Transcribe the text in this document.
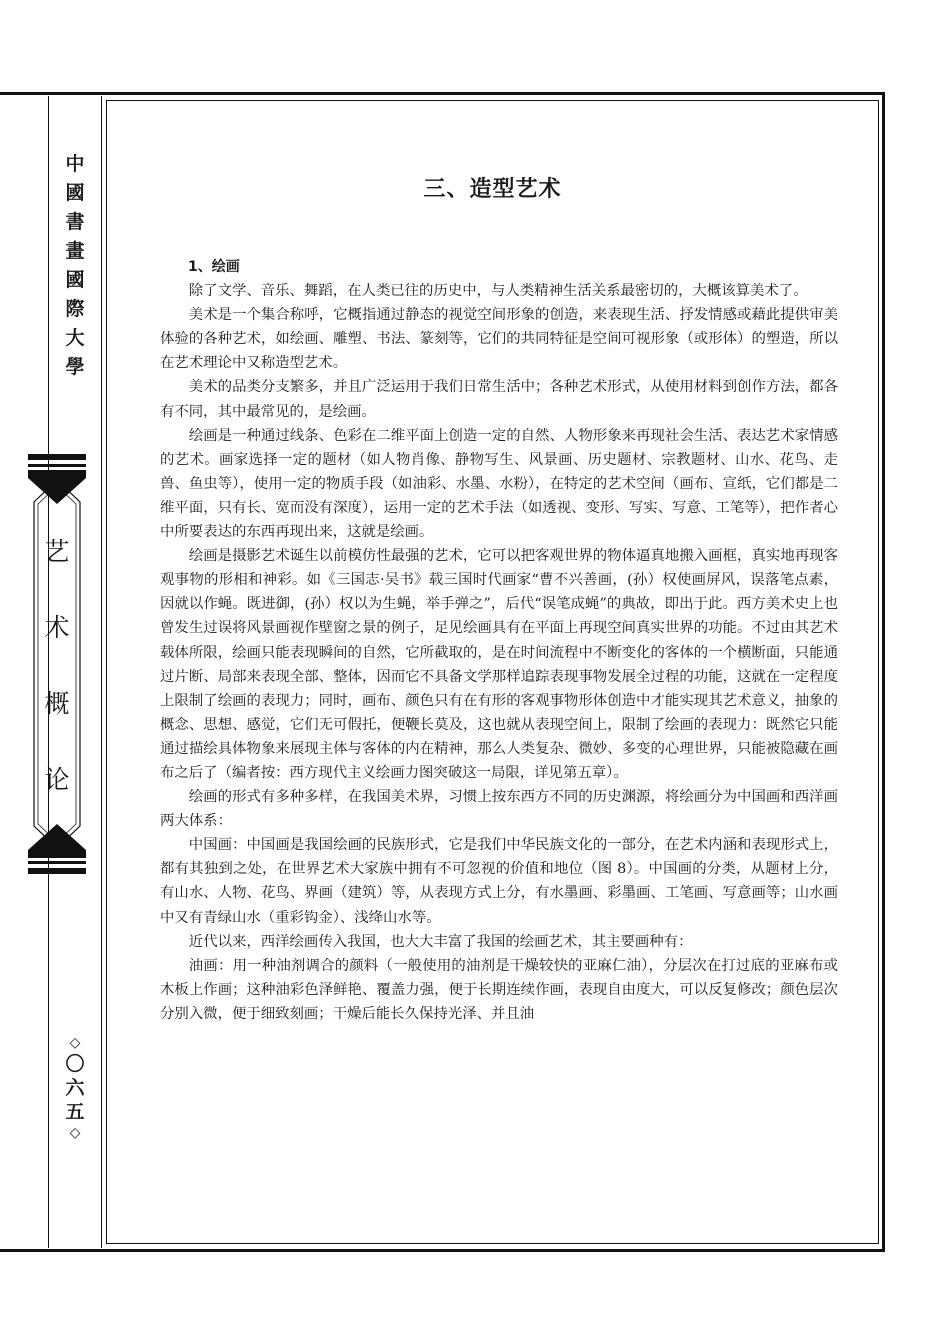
中
國
書
畫
國
際
大
學
艺
术
概
论
◇
〇
六
五
◇
三、造型艺术

1、绘画

除了文学、音乐、舞蹈，在人类已往的历史中，与人类精神生活关系最密切的，大概该算美术了。

美术是一个集合称呼，它概指通过静态的视觉空间形象的创造，来表现生活、抒发情感或藉此提供审美体验的各种艺术，如绘画、雕塑、书法、篆刻等，它们的共同特征是空间可视形象（或形体）的塑造，所以在艺术理论中又称造型艺术。

美术的品类分支繁多，并且广泛运用于我们日常生活中；各种艺术形式，从使用材料到创作方法，都各有不同，其中最常见的，是绘画。

绘画是一种通过线条、色彩在二维平面上创造一定的自然、人物形象来再现社会生活、表达艺术家情感的艺术。画家选择一定的题材（如人物肖像、静物写生、风景画、历史题材、宗教题材、山水、花鸟、走兽、鱼虫等），使用一定的物质手段（如油彩、水墨、水粉），在特定的艺术空间（画布、宣纸，它们都是二维平面，只有长、宽而没有深度），运用一定的艺术手法（如透视、变形、写实、写意、工笔等），把作者心中所要表达的东西再现出来，这就是绘画。

绘画是摄影艺术诞生以前模仿性最强的艺术，它可以把客观世界的物体逼真地搬入画框，真实地再现客观事物的形相和神彩。如《三国志·吴书》载三国时代画家“曹不兴善画，(孙）权使画屏风，误落笔点素，因就以作蝇。既进御，(孙）权以为生蝇，举手弹之”，后代“误笔成蝇”的典故，即出于此。西方美术史上也曾发生过误将风景画视作壁窗之景的例子，足见绘画具有在平面上再现空间真实世界的功能。不过由其艺术载体所限，绘画只能表现瞬间的自然，它所截取的，是在时间流程中不断变化的客体的一个横断面，只能通过片断、局部来表现全部、整体，因而它不具备文学那样追踪表现事物发展全过程的功能，这就在一定程度上限制了绘画的表现力；同时，画布、颜色只有在有形的客观事物形体创造中才能实现其艺术意义，抽象的概念、思想、感觉，它们无可假托，便鞭长莫及，这也就从表现空间上，限制了绘画的表现力：既然它只能通过描绘具体物象来展现主体与客体的内在精神，那么人类复杂、微妙、多变的心理世界，只能被隐藏在画布之后了（编者按：西方现代主义绘画力图突破这一局限，详见第五章）。

绘画的形式有多种多样，在我国美术界，习惯上按东西方不同的历史渊源，将绘画分为中国画和西洋画两大体系：

中国画：中国画是我国绘画的民族形式，它是我们中华民族文化的一部分，在艺术内涵和表现形式上，都有其独到之处，在世界艺术大家族中拥有不可忽视的价值和地位（图 8）。中国画的分类，从题材上分，有山水、人物、花鸟、界画（建筑）等，从表现方式上分，有水墨画、彩墨画、工笔画、写意画等；山水画中又有青绿山水（重彩钩金）、浅绛山水等。

近代以来，西洋绘画传入我国，也大大丰富了我国的绘画艺术，其主要画种有：

油画：用一种油剂调合的颜料（一般使用的油剂是干燥较快的亚麻仁油），分层次在打过底的亚麻布或木板上作画；这种油彩色泽鲜艳、覆盖力强，便于长期连续作画，表现自由度大，可以反复修改；颜色层次分别入微，便于细致刻画；干燥后能长久保持光泽、并且油
